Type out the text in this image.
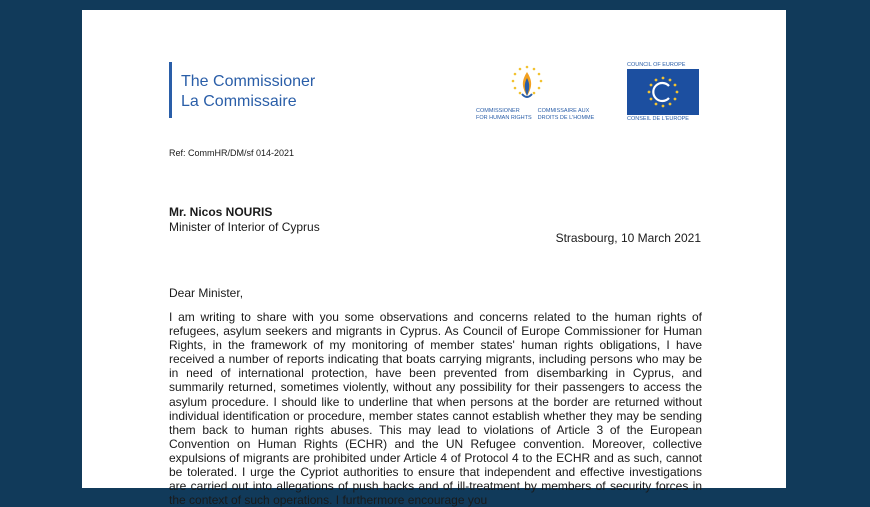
The Commissioner
La Commissaire
COMMISSIONER
FOR HUMAN RIGHTS
COMMISSAIRE AUX
DROITS DE L'HOMME
COUNCIL OF EUROPE
CONSEIL DE L'EUROPE
Ref: CommHR/DM/sf 014-2021
Mr. Nicos NOURIS
Minister of Interior of Cyprus
Strasbourg, 10 March 2021
Dear Minister,
I am writing to share with you some observations and concerns related to the human rights of refugees, asylum seekers and migrants in Cyprus. As Council of Europe Commissioner for Human Rights, in the framework of my monitoring of member states' human rights obligations, I have received a number of reports indicating that boats carrying migrants, including persons who may be in need of international protection, have been prevented from disembarking in Cyprus, and summarily returned, sometimes violently, without any possibility for their passengers to access the asylum procedure. I should like to underline that when persons at the border are returned without individual identification or procedure, member states cannot establish whether they may be sending them back to human rights abuses. This may lead to violations of Article 3 of the European Convention on Human Rights (ECHR) and the UN Refugee convention. Moreover, collective expulsions of migrants are prohibited under Article 4 of Protocol 4 to the ECHR and as such, cannot be tolerated. I urge the Cypriot authorities to ensure that independent and effective investigations are carried out into allegations of push backs and of ill-treatment by members of security forces in the context of such operations. I furthermore encourage you
